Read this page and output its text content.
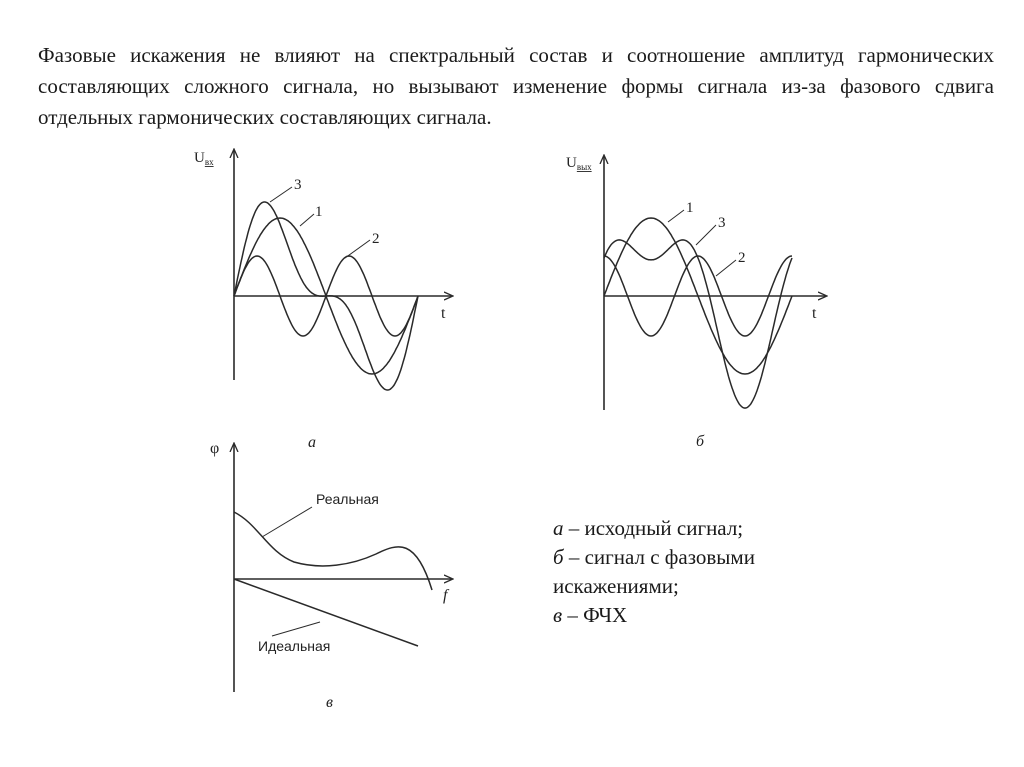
Фазовые искажения не влияют на спектральный состав и соотношение амплитуд гармонических составляющих сложного сигнала, но вызывают изменение формы сигнала из-за фазового сдвига отдельных гармонических составляющих сигнала.

3
1
2
$U_{вх}$
t
а
1
3
2
$U_{вых}$
t
б
Реальная
Идеальная
φ
f
в
а – исходный сигнал;
б – сигнал с фазовыми искажениями;
в – ФЧХ
